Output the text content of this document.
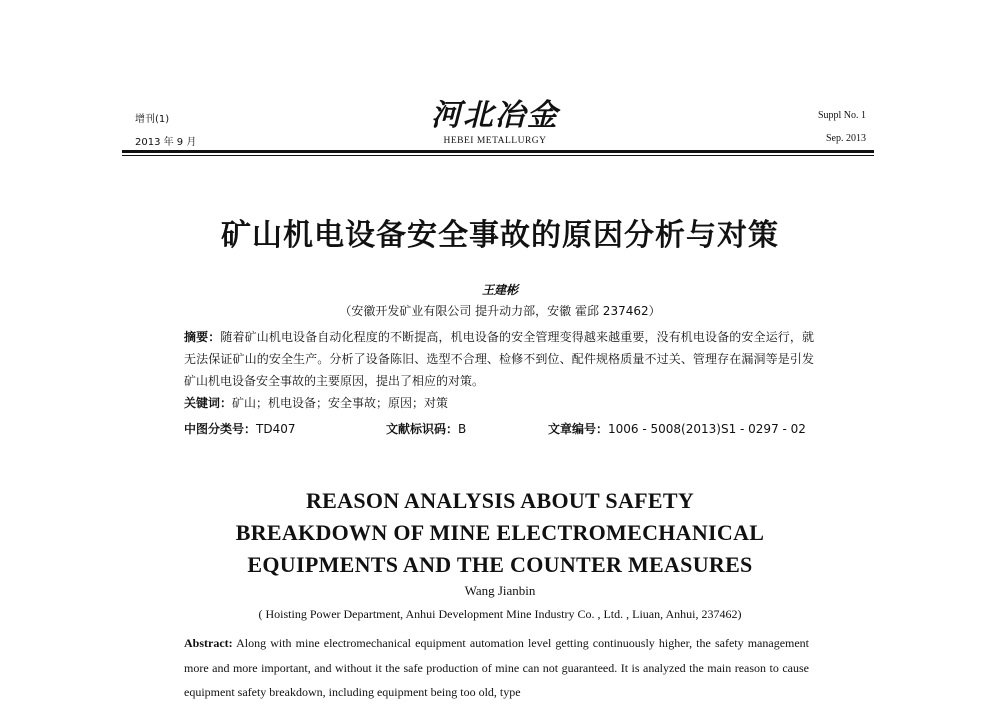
增刊(1)
2013 年 9 月
河北冶金
HEBEI METALLURGY
Suppl No. 1
Sep. 2013
矿山机电设备安全事故的原因分析与对策
王建彬
（安徽开发矿业有限公司 提升动力部，安徽 霍邱 237462）
摘要：随着矿山机电设备自动化程度的不断提高，机电设备的安全管理变得越来越重要，没有机电设备的安全运行，就无法保证矿山的安全生产。分析了设备陈旧、选型不合理、检修不到位、配件规格质量不过关、管理存在漏洞等是引发矿山机电设备安全事故的主要原因，提出了相应的对策。
关键词：矿山；机电设备；安全事故；原因；对策
中图分类号：TD407	文献标识码：B	文章编号：1006 - 5008(2013)S1 - 0297 - 02
REASON ANALYSIS ABOUT SAFETY
BREAKDOWN OF MINE ELECTROMECHANICAL
EQUIPMENTS AND THE COUNTER MEASURES
Wang Jianbin
( Hoisting Power Department, Anhui Development Mine Industry Co. , Ltd. , Liuan, Anhui, 237462)
Abstract: Along with mine electromechanical equipment automation level getting continuously higher, the safety management more and more important, and without it the safe production of mine can not guaranteed. It is analyzed the main reason to cause equipment safety breakdown, including equipment being too old, type
